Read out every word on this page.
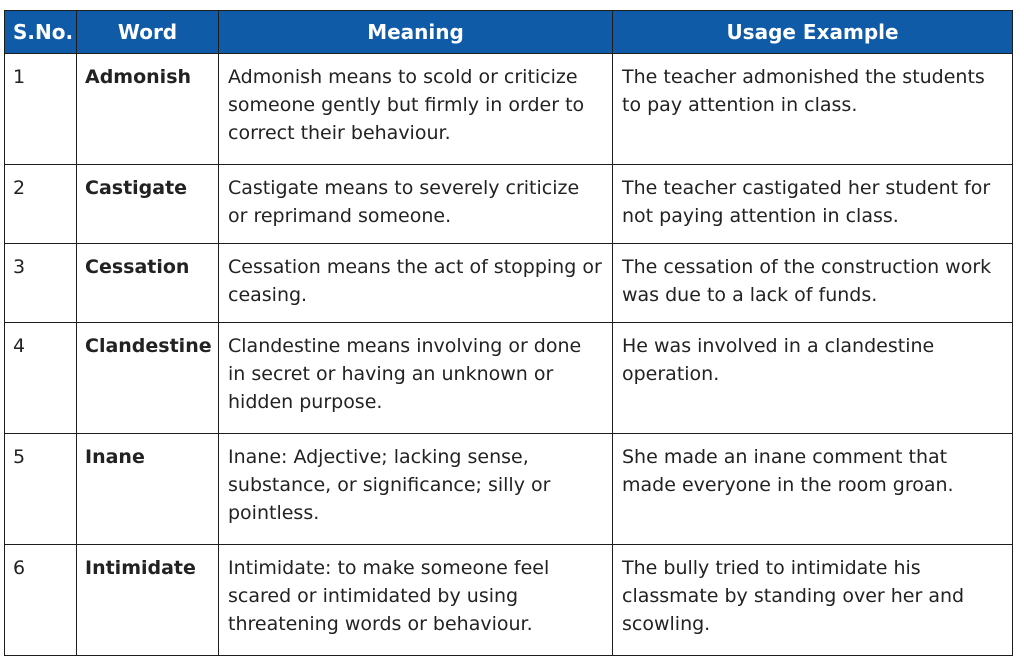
S.No.	Word	Meaning	Usage Example
1	Admonish	Admonish means to scold or criticize someone gently but firmly in order to correct their behaviour.	The teacher admonished the students to pay attention in class.
2	Castigate	Castigate means to severely criticize or reprimand someone.	The teacher castigated her student for not paying attention in class.
3	Cessation	Cessation means the act of stopping or ceasing.	The cessation of the construction work was due to a lack of funds.
4	Clandestine	Clandestine means involving or done in secret or having an unknown or hidden purpose.	He was involved in a clandestine operation.
5	Inane	Inane: Adjective; lacking sense, substance, or significance; silly or pointless.	She made an inane comment that made everyone in the room groan.
6	Intimidate	Intimidate: to make someone feel scared or intimidated by using threatening words or behaviour.	The bully tried to intimidate his classmate by standing over her and scowling.
